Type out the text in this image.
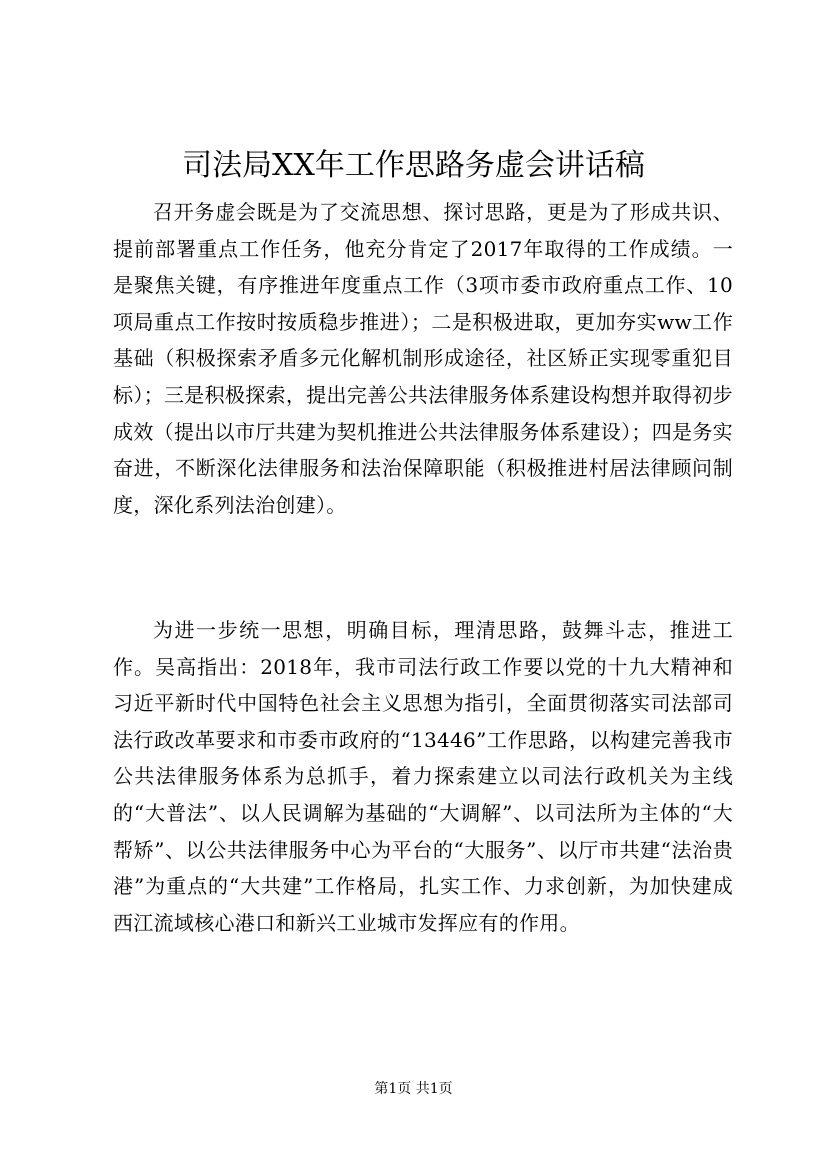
司法局XX年工作思路务虚会讲话稿

召开务虚会既是为了交流思想、探讨思路，更是为了形成共识、提前部署重点工作任务，他充分肯定了2017年取得的工作成绩。一是聚焦关键，有序推进年度重点工作（3项市委市政府重点工作、10项局重点工作按时按质稳步推进）；二是积极进取，更加夯实ww工作基础（积极探索矛盾多元化解机制形成途径，社区矫正实现零重犯目标）；三是积极探索，提出完善公共法律服务体系建设构想并取得初步成效（提出以市厅共建为契机推进公共法律服务体系建设）；四是务实奋进，不断深化法律服务和法治保障职能（积极推进村居法律顾问制度，深化系列法治创建）。

为进一步统一思想，明确目标，理清思路，鼓舞斗志，推进工作。吴高指出：2018年，我市司法行政工作要以党的十九大精神和习近平新时代中国特色社会主义思想为指引，全面贯彻落实司法部司法行政改革要求和市委市政府的“13446”工作思路，以构建完善我市公共法律服务体系为总抓手，着力探索建立以司法行政机关为主线的“大普法”、以人民调解为基础的“大调解”、以司法所为主体的“大帮矫”、以公共法律服务中心为平台的“大服务”、以厅市共建“法治贵港”为重点的“大共建”工作格局，扎实工作、力求创新，为加快建成西江流域核心港口和新兴工业城市发挥应有的作用。

第1页 共1页
